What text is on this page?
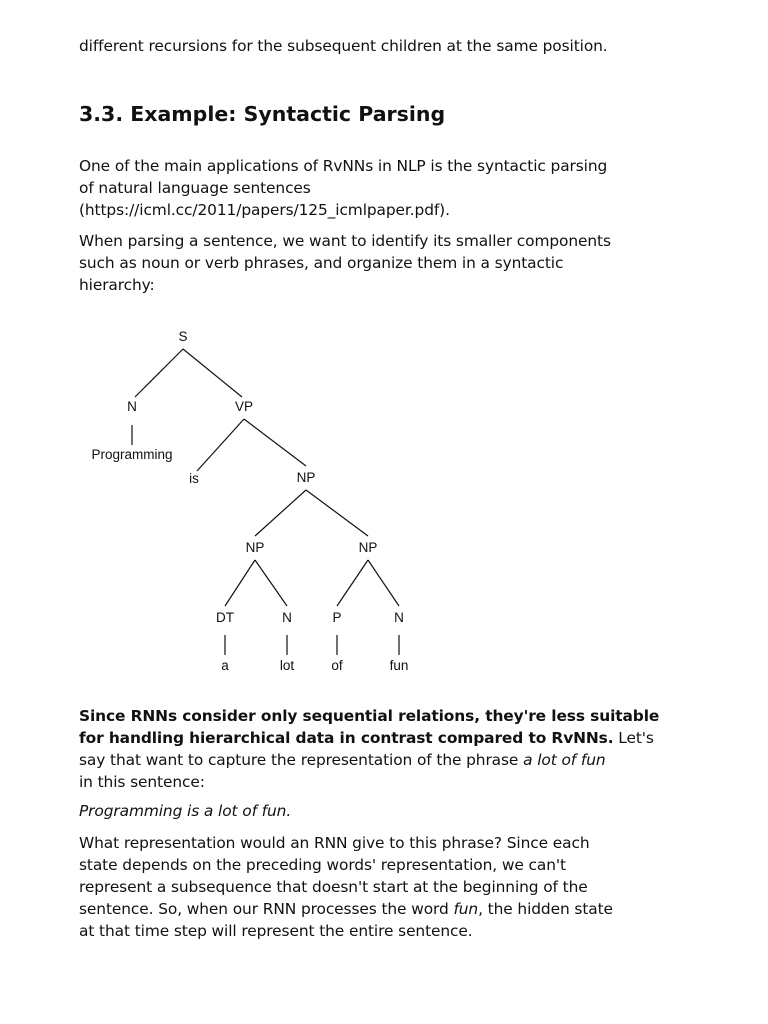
different recursions for the subsequent children at the same position.

3.3. Example: Syntactic Parsing

One of the main applications of RvNNs in NLP is the syntactic parsing
of natural language sentences
(https://icml.cc/2011/papers/125_icmlpaper.pdf).

When parsing a sentence, we want to identify its smaller components
such as noun or verb phrases, and organize them in a syntactic
hierarchy:

S
N	VP
Programming
is	NP
NP	NP
DT	N	P	N
a	lot	of	fun

Since RNNs consider only sequential relations, they're less suitable
for handling hierarchical data in contrast compared to RvNNs. Let's
say that want to capture the representation of the phrase a lot of fun
in this sentence:

Programming is a lot of fun.

What representation would an RNN give to this phrase? Since each
state depends on the preceding words' representation, we can't
represent a subsequence that doesn't start at the beginning of the
sentence. So, when our RNN processes the word fun, the hidden state
at that time step will represent the entire sentence.
